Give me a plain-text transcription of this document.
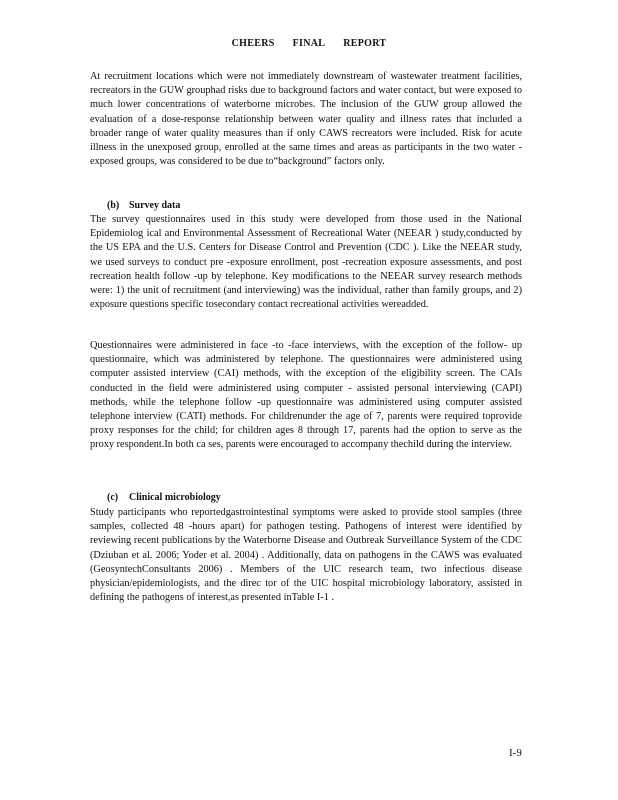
CHEERS FINAL REPORT

At recruitment locations which were not immediately downstream of wastewater treatment facilities, recreators in the GUW grouphad risks due to background factors and water contact, but were exposed to much lower concentrations of waterborne microbes. The inclusion of the GUW group allowed the evaluation of a dose-response relationship between water quality and illness rates that included a broader range of water quality measures than if only CAWS recreators were included. Risk for acute illness in the unexposed group, enrolled at the same times and areas as participants in the two water - exposed groups, was considered to be due to“background” factors only.

(b) Survey data

The survey questionnaires used in this study were developed from those used in the National Epidemiolog ical and Environmental Assessment of Recreational Water (NEEAR ) study,conducted by the US EPA and the U.S. Centers for Disease Control and Prevention (CDC ). Like the NEEAR study, we used surveys to conduct pre -exposure enrollment, post -recreation exposure assessments, and post recreation health follow -up by telephone. Key modifications to the NEEAR survey research methods were: 1) the unit of recruitment (and interviewing) was the individual, rather than family groups, and 2) exposure questions specific tosecondary contact recreational activities wereadded.

Questionnaires were administered in face -to -face interviews, with the exception of the follow- up questionnaire, which was administered by telephone. The questionnaires were administered using computer assisted interview (CAI) methods, with the exception of the eligibility screen. The CAIs conducted in the field were administered using computer - assisted personal interviewing (CAPI) methods, while the telephone follow -up questionnaire was administered using computer assisted telephone interview (CATI) methods. For childrenunder the age of 7, parents were required toprovide proxy responses for the child; for children ages 8 through 17, parents had the option to serve as the proxy respondent.In both ca ses, parents were encouraged to accompany thechild during the interview.

(c) Clinical microbiology

Study participants who reportedgastrointestinal symptoms were asked to provide stool samples (three samples, collected 48 -hours apart) for pathogen testing. Pathogens of interest were identified by reviewing recent publications by the Waterborne Disease and Outbreak Surveillance System of the CDC (Dziuban et al. 2006; Yoder et al. 2004) . Additionally, data on pathogens in the CAWS was evaluated (GeosyntechConsultants 2006) . Members of the UIC research team, two infectious disease physician/epidemiologists, and the direc tor of the UIC hospital microbiology laboratory, assisted in defining the pathogens of interest,as presented inTable I-1 .

I-9
